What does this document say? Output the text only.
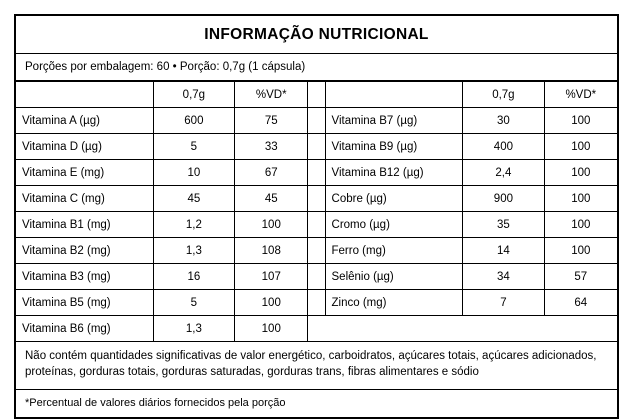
INFORMAÇÃO NUTRICIONAL
Porções por embalagem: 60 • Porção: 0,7g (1 cápsula)
	0,7g	%VD*			0,7g	%VD*
Vitamina A (µg)	600	75		Vitamina B7 (µg)	30	100
Vitamina D (µg)	5	33		Vitamina B9 (µg)	400	100
Vitamina E (mg)	10	67		Vitamina B12 (µg)	2,4	100
Vitamina C (mg)	45	45		Cobre (µg)	900	100
Vitamina B1 (mg)	1,2	100		Cromo (µg)	35	100
Vitamina B2 (mg)	1,3	108		Ferro (mg)	14	100
Vitamina B3 (mg)	16	107		Selênio (µg)	34	57
Vitamina B5 (mg)	5	100		Zinco (mg)	7	64
Vitamina B6 (mg)	1,3	100				
Não contém quantidades significativas de valor energético, carboidratos, açúcares totais, açúcares adicionados, proteínas, gorduras totais, gorduras saturadas, gorduras trans, fibras alimentares e sódio
*Percentual de valores diários fornecidos pela porção
